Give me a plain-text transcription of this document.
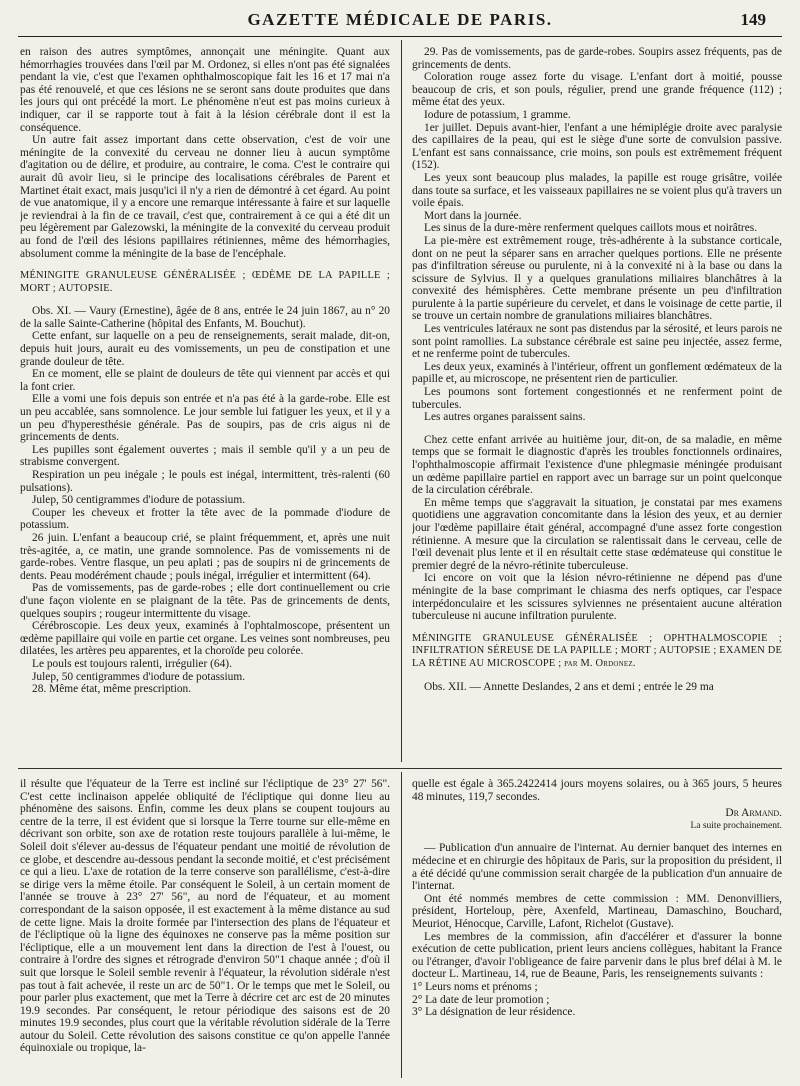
GAZETTE MÉDICALE DE PARIS.	149

en raison des autres symptômes, annonçait une méningite. Quant aux hémorrhagies trouvées dans l'œil par M. Ordonez, si elles n'ont pas été signalées pendant la vie, c'est que l'examen ophthalmoscopique fait les 16 et 17 mai n'a pas été renouvelé, et que ces lésions ne se seront sans doute produites que dans les jours qui ont précédé la mort. Le phénomène n'eut est pas moins curieux à indiquer, car il se rapporte tout à fait à la lésion cérébrale dont il est la conséquence.

Un autre fait assez important dans cette observation, c'est de voir une méningite de la convexité du cerveau ne donner lieu à aucun symptôme d'agitation ou de délire, et produire, au contraire, le coma. C'est le contraire qui aurait dû avoir lieu, si le principe des localisations cérébrales de Parent et Martinet était exact, mais jusqu'ici il n'y a rien de démontré à cet égard. Au point de vue anatomique, il y a encore une remarque intéressante à faire et sur laquelle je reviendrai à la fin de ce travail, c'est que, contrairement à ce qui a été dit un peu légèrement par Galezowski, la méningite de la convexité du cerveau produit au fond de l'œil des lésions papillaires rétiniennes, même des hémorrhagies, absolument comme la méningite de la base de l'encéphale.

MÉNINGITE GRANULEUSE GÉNÉRALISÉE ; ŒDÈME DE LA PAPILLE ; MORT ; AUTOPSIE.

Obs. XI. — Vaury (Ernestine), âgée de 8 ans, entrée le 24 juin 1867, au n° 20 de la salle Sainte-Catherine (hôpital des Enfants, M. Bouchut).

Cette enfant, sur laquelle on a peu de renseignements, serait malade, dit-on, depuis huit jours, aurait eu des vomissements, un peu de constipation et une grande douleur de tête.

En ce moment, elle se plaint de douleurs de tête qui viennent par accès et qui la font crier.

Elle a vomi une fois depuis son entrée et n'a pas été à la garde-robe. Elle est un peu accablée, sans somnolence. Le jour semble lui fatiguer les yeux, et il y a un peu d'hyperesthésie générale. Pas de soupirs, pas de cris aigus ni de grincements de dents.

Les pupilles sont également ouvertes ; mais il semble qu'il y a un peu de strabisme convergent.

Respiration un peu inégale ; le pouls est inégal, intermittent, très-ralenti (60 pulsations).

Julep, 50 centigrammes d'iodure de potassium.

Couper les cheveux et frotter la tête avec de la pommade d'iodure de potassium.

26 juin. L'enfant a beaucoup crié, se plaint fréquemment, et, après une nuit très-agitée, a, ce matin, une grande somnolence. Pas de vomissements ni de garde-robes. Ventre flasque, un peu aplati ; pas de soupirs ni de grincements de dents. Peau modérément chaude ; pouls inégal, irrégulier et intermittent (64).

Pas de vomissements, pas de garde-robes ; elle dort continuellement ou crie d'une façon violente en se plaignant de la tête. Pas de grincements de dents, quelques soupirs ; rougeur intermittente du visage.

Cérébroscopie. Les deux yeux, examinés à l'ophtalmoscope, présentent un œdème papillaire qui voile en partie cet organe. Les veines sont nombreuses, peu dilatées, les artères peu apparentes, et la choroïde peu colorée.

Le pouls est toujours ralenti, irrégulier (64).

Julep, 50 centigrammes d'iodure de potassium.

28. Même état, même prescription.

29. Pas de vomissements, pas de garde-robes. Soupirs assez fréquents, pas de grincements de dents.

Coloration rouge assez forte du visage. L'enfant dort à moitié, pousse beaucoup de cris, et son pouls, régulier, prend une grande fréquence (112) ; même état des yeux.

Iodure de potassium, 1 gramme.

1er juillet. Depuis avant-hier, l'enfant a une hémiplégie droite avec paralysie des capillaires de la peau, qui est le siège d'une sorte de convulsion passive. L'enfant est sans connaissance, crie moins, son pouls est extrêmement fréquent (152).

Les yeux sont beaucoup plus malades, la papille est rouge grisâtre, voilée dans toute sa surface, et les vaisseaux papillaires ne se voient plus qu'à travers un voile épais.

Mort dans la journée.

Les sinus de la dure-mère renferment quelques caillots mous et noirâtres.

La pie-mère est extrêmement rouge, très-adhérente à la substance corticale, dont on ne peut la séparer sans en arracher quelques portions. Elle ne présente pas d'infiltration séreuse ou purulente, ni à la convexité ni à la base ou dans la scissure de Sylvius. Il y a quelques granulations miliaires blanchâtres à la convexité des hémisphères. Cette membrane présente un peu d'infiltration purulente à la partie supérieure du cervelet, et dans le voisinage de cette partie, il se trouve un certain nombre de granulations miliaires blanchâtres.

Les ventricules latéraux ne sont pas distendus par la sérosité, et leurs parois ne sont point ramollies. La substance cérébrale est saine peu injectée, assez ferme, et ne renferme point de tubercules.

Les deux yeux, examinés à l'intérieur, offrent un gonflement œdémateux de la papille et, au microscope, ne présentent rien de particulier.

Les poumons sont fortement congestionnés et ne renferment point de tubercules.

Les autres organes paraissent sains.

Chez cette enfant arrivée au huitième jour, dit-on, de sa maladie, en même temps que se formait le diagnostic d'après les troubles fonctionnels ordinaires, l'ophthalmoscopie affirmait l'existence d'une phlegmasie méningée produisant un œdème papillaire partiel en rapport avec un barrage sur un point quelconque de la circulation cérébrale.

En même temps que s'aggravait la situation, je constatai par mes examens quotidiens une aggravation concomitante dans la lésion des yeux, et au dernier jour l'œdème papillaire était général, accompagné d'une assez forte congestion rétinienne. A mesure que la circulation se ralentissait dans le cerveau, celle de l'œil devenait plus lente et il en résultait cette stase œdémateuse qui constitue le premier degré de la névro-rétinite tuberculeuse.

Ici encore on voit que la lésion névro-rétinienne ne dépend pas d'une méningite de la base comprimant le chiasma des nerfs optiques, car l'espace interpédonculaire et les scissures sylviennes ne présentaient aucune altération tuberculeuse ni aucune infiltration purulente.

MÉNINGITE GRANULEUSE GÉNÉRALISÉE ; OPHTHALMOSCOPIE ; INFILTRATION SÉREUSE DE LA PAPILLE ; MORT ; AUTOPSIE ; EXAMEN DE LA RÉTINE AU MICROSCOPE ; par M. Ordonez.

Obs. XII. — Annette Deslandes, 2 ans et demi ; entrée le 29 ma

il résulte que l'équateur de la Terre est incliné sur l'écliptique de 23° 27' 56". C'est cette inclinaison appelée obliquité de l'écliptique qui donne lieu au phénomène des saisons. Enfin, comme les deux plans se coupent toujours au centre de la terre, il est évident que si lorsque la Terre tourne sur elle-même en décrivant son orbite, son axe de rotation reste toujours parallèle à lui-même, le Soleil doit s'élever au-dessus de l'équateur pendant une moitié de révolution de ce globe, et descendre au-dessous pendant la seconde moitié, et c'est précisément ce qui a lieu. L'axe de rotation de la terre conserve son parallélisme, c'est-à-dire se dirige vers la même étoile. Par conséquent le Soleil, à un certain moment de l'année se trouve à 23° 27' 56", au nord de l'équateur, et au moment correspondant de la saison opposée, il est exactement à la même distance au sud de cette ligne. Mais la droite formée par l'intersection des plans de l'équateur et de l'écliptique où la ligne des équinoxes ne conserve pas la même position sur l'écliptique, elle a un mouvement lent dans la direction de l'est à l'ouest, ou contraire à l'ordre des signes et rétrograde d'environ 50"1 chaque année ; d'où il suit que lorsque le Soleil semble revenir à l'équateur, la révolution sidérale n'est pas tout à fait achevée, il reste un arc de 50"1. Or le temps que met le Soleil, ou pour parler plus exactement, que met la Terre à décrire cet arc est de 20 minutes 19.9 secondes. Par conséquent, le retour périodique des saisons est de 20 minutes 19.9 secondes, plus court que la véritable révolution sidérale de la Terre autour du Soleil. Cette révolution des saisons constitue ce qu'on appelle l'année équinoxiale ou tropique, la-

quelle est égale à 365.2422414 jours moyens solaires, ou à 365 jours, 5 heures 48 minutes, 119,7 secondes.

Dr Armand.

La suite prochainement.

— Publication d'un annuaire de l'internat. Au dernier banquet des internes en médecine et en chirurgie des hôpitaux de Paris, sur la proposition du président, il a été décidé qu'une commission serait chargée de la publication d'un annuaire de l'internat.

Ont été nommés membres de cette commission : MM. Denonvilliers, président, Horteloup, père, Axenfeld, Martineau, Damaschino, Bouchard, Meuriot, Hénocque, Carville, Lafont, Richelot (Gustave).

Les membres de la commission, afin d'accélérer et d'assurer la bonne exécution de cette publication, prient leurs anciens collègues, habitant la France ou l'étranger, d'avoir l'obligeance de faire parvenir dans le plus bref délai à M. le docteur L. Martineau, 14, rue de Beaune, Paris, les renseignements suivants :

1° Leurs noms et prénoms ;

2° La date de leur promotion ;

3° La désignation de leur résidence.
